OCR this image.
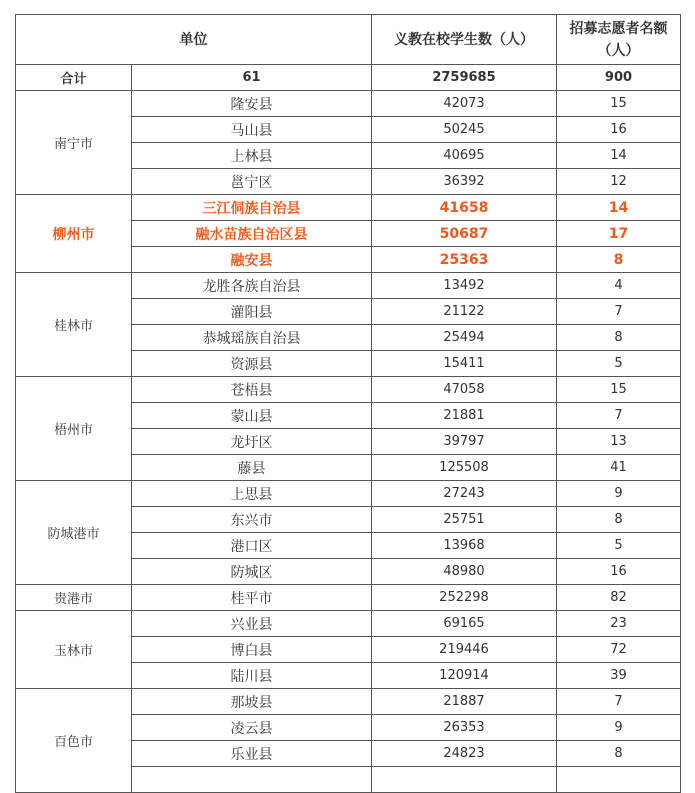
单位		义教在校学生数（人）	招募志愿者名额（人）
合计	61	2759685	900
南宁市	隆安县	42073	15
	马山县	50245	16
	上林县	40695	14
	邕宁区	36392	12
柳州市	三江侗族自治县	41658	14
	融水苗族自治区县	50687	17
	融安县	25363	8
桂林市	龙胜各族自治县	13492	4
	灌阳县	21122	7
	恭城瑶族自治县	25494	8
	资源县	15411	5
梧州市	苍梧县	47058	15
	蒙山县	21881	7
	龙圩区	39797	13
	藤县	125508	41
防城港市	上思县	27243	9
	东兴市	25751	8
	港口区	13968	5
	防城区	48980	16
贵港市	桂平市	252298	82
玉林市	兴业县	69165	23
	博白县	219446	72
	陆川县	120914	39
百色市	那坡县	21887	7
	凌云县	26353	9
	乐业县	24823	8
